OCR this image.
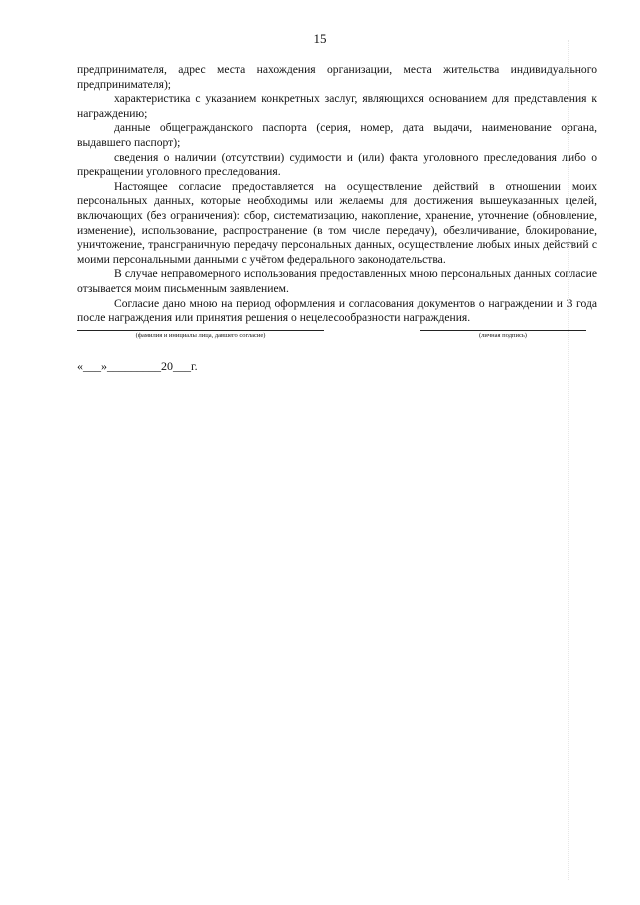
15

предпринимателя, адрес места нахождения организации, места жительства индивидуального предпринимателя);

характеристика с указанием конкретных заслуг, являющихся основанием для представления к награждению;

данные общегражданского паспорта (серия, номер, дата выдачи, наименование органа, выдавшего паспорт);

сведения о наличии (отсутствии) судимости и (или) факта уголовного преследования либо о прекращении уголовного преследования.

Настоящее согласие предоставляется на осуществление действий в отношении моих персональных данных, которые необходимы или желаемы для достижения вышеуказанных целей, включающих (без ограничения): сбор, систематизацию, накопление, хранение, уточнение (обновление, изменение), использование, распространение (в том числе передачу), обезличивание, блокирование, уничтожение, трансграничную передачу персональных данных, осуществление любых иных действий с моими персональными данными с учётом федерального законодательства.

В случае неправомерного использования предоставленных мною персональных данных согласие отзывается моим письменным заявлением.

Согласие дано мною на период оформления и согласования документов о награждении и 3 года после награждения или принятия решения о нецелесообразности награждения.

(фамилия и инициалы лица, давшего согласие)	(личная подпись)
«___»_________20___г.
